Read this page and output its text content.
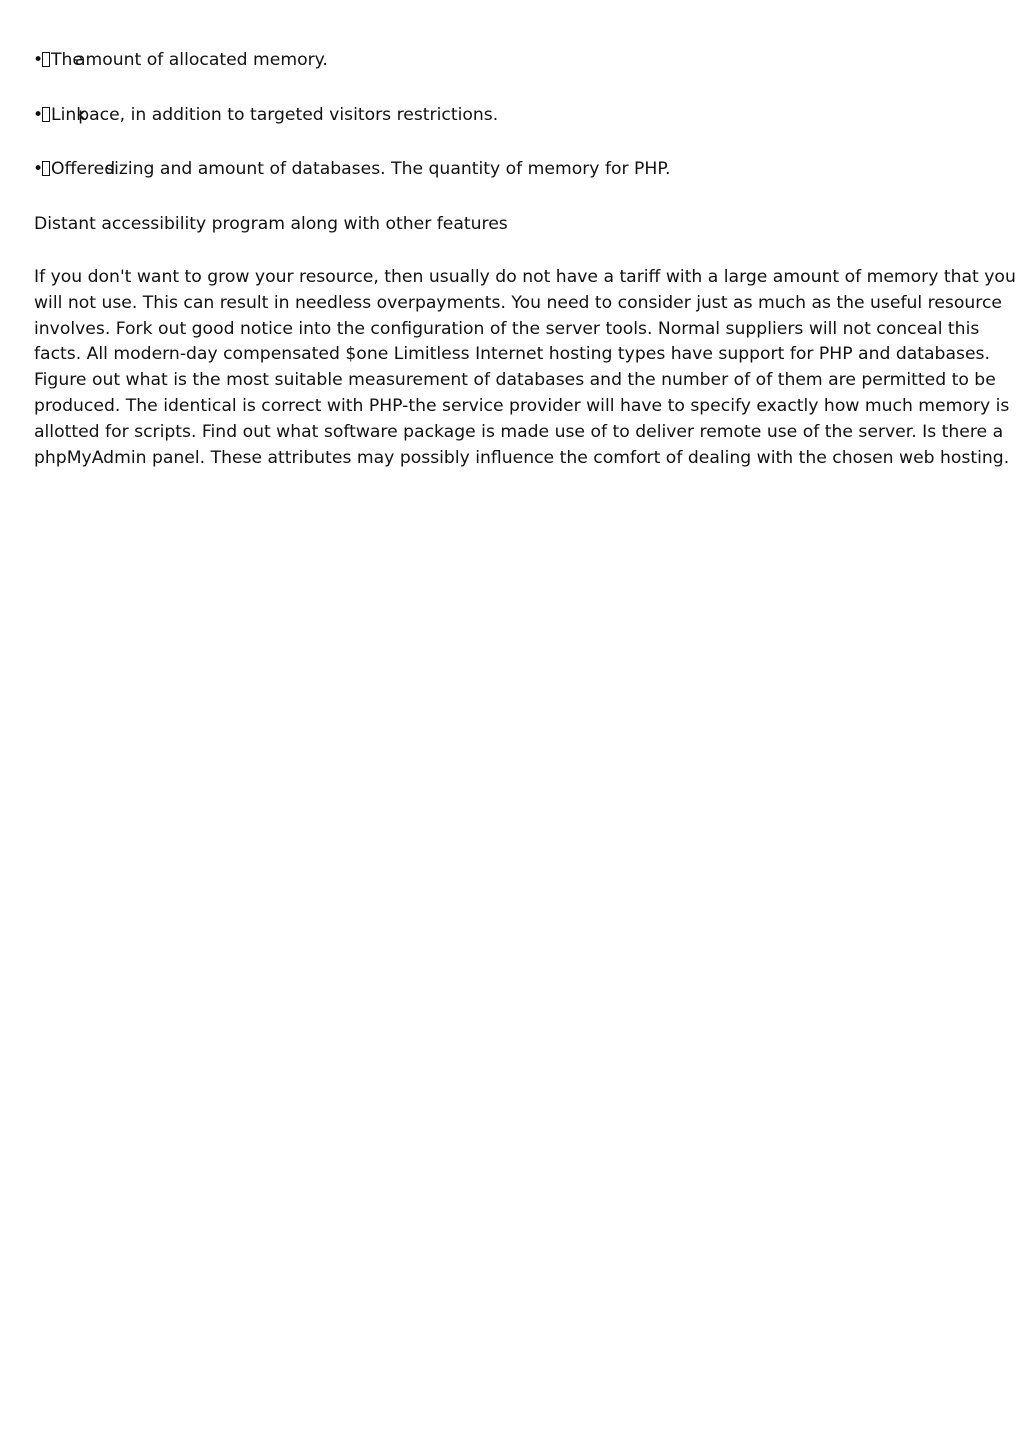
• Theamount of allocated memory.
• Linkpace, in addition to targeted visitors restrictions.
• Offeredsizing and amount of databases. The quantity of memory for PHP.
Distant accessibility program along with other features
If you don't want to grow your resource, then usually do not have a tariff with a large amount of memory that you
will not use. This can result in needless overpayments. You need to consider just as much as the useful resource
involves. Fork out good notice into the configuration of the server tools. Normal suppliers will not conceal this
facts. All modern-day compensated $one Limitless Internet hosting types have support for PHP and databases.
Figure out what is the most suitable measurement of databases and the number of of them are permitted to be
produced. The identical is correct with PHP-the service provider will have to specify exactly how much memory is
allotted for scripts. Find out what software package is made use of to deliver remote use of the server. Is there a
phpMyAdmin panel. These attributes may possibly influence the comfort of dealing with the chosen web hosting.
